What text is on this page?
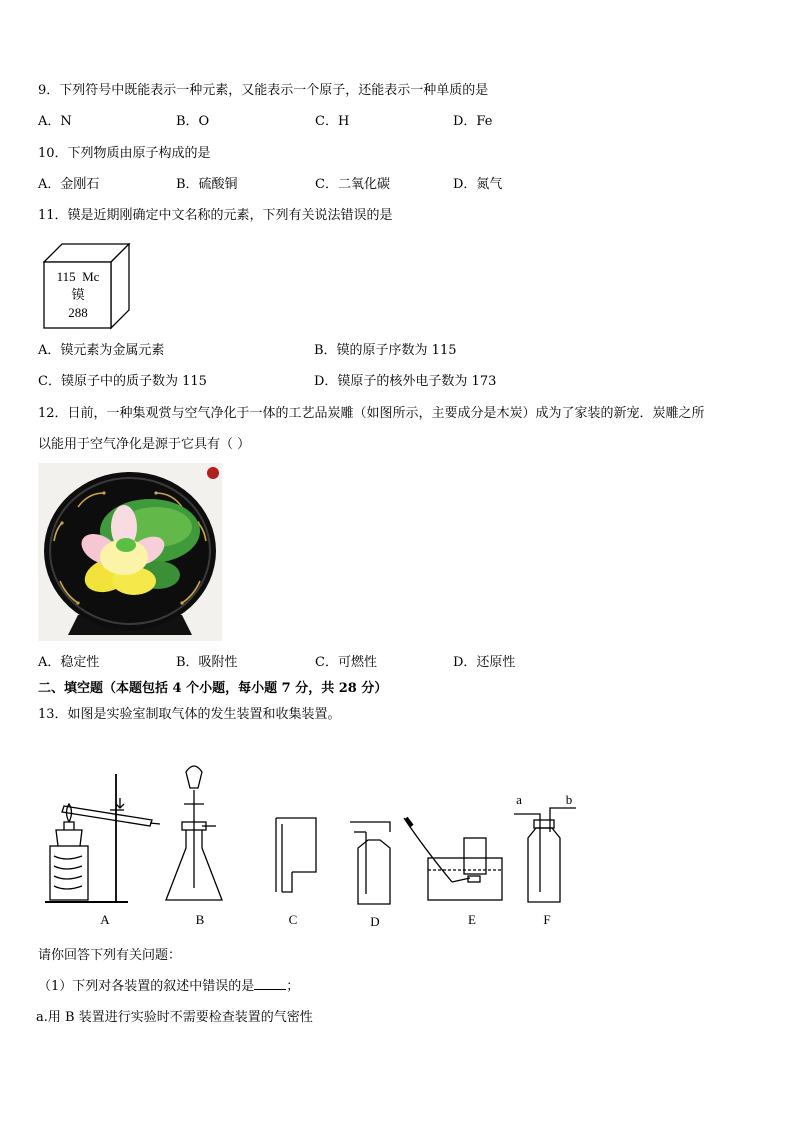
9．下列符号中既能表示一种元素，又能表示一个原子，还能表示一种单质的是
A．N	B．O	C．H	D．Fe
10．下列物质由原子构成的是
A．金刚石	B．硫酸铜	C．二氧化碳	D．氮气
11．镆是近期刚确定中文名称的元素，下列有关说法错误的是
115 Mc
镆
288
A．镆元素为金属元素	B．镆的原子序数为 115
C．镆原子中的质子数为 115	D．镆原子的核外电子数为 173
12．日前，一种集观赏与空气净化于一体的工艺品炭雕（如图所示，主要成分是木炭）成为了家装的新宠．炭雕之所
以能用于空气净化是源于它具有（ ）
A．稳定性	B．吸附性	C．可燃性	D．还原性
二、填空题（本题包括 4 个小题，每小题 7 分，共 28 分）
13．如图是实验室制取气体的发生装置和收集装置。
A	B	C	D	E	F
a	b
请你回答下列有关问题：
（1）下列对各装置的叙述中错误的是 ；
a.用 B 装置进行实验时不需要检查装置的气密性
